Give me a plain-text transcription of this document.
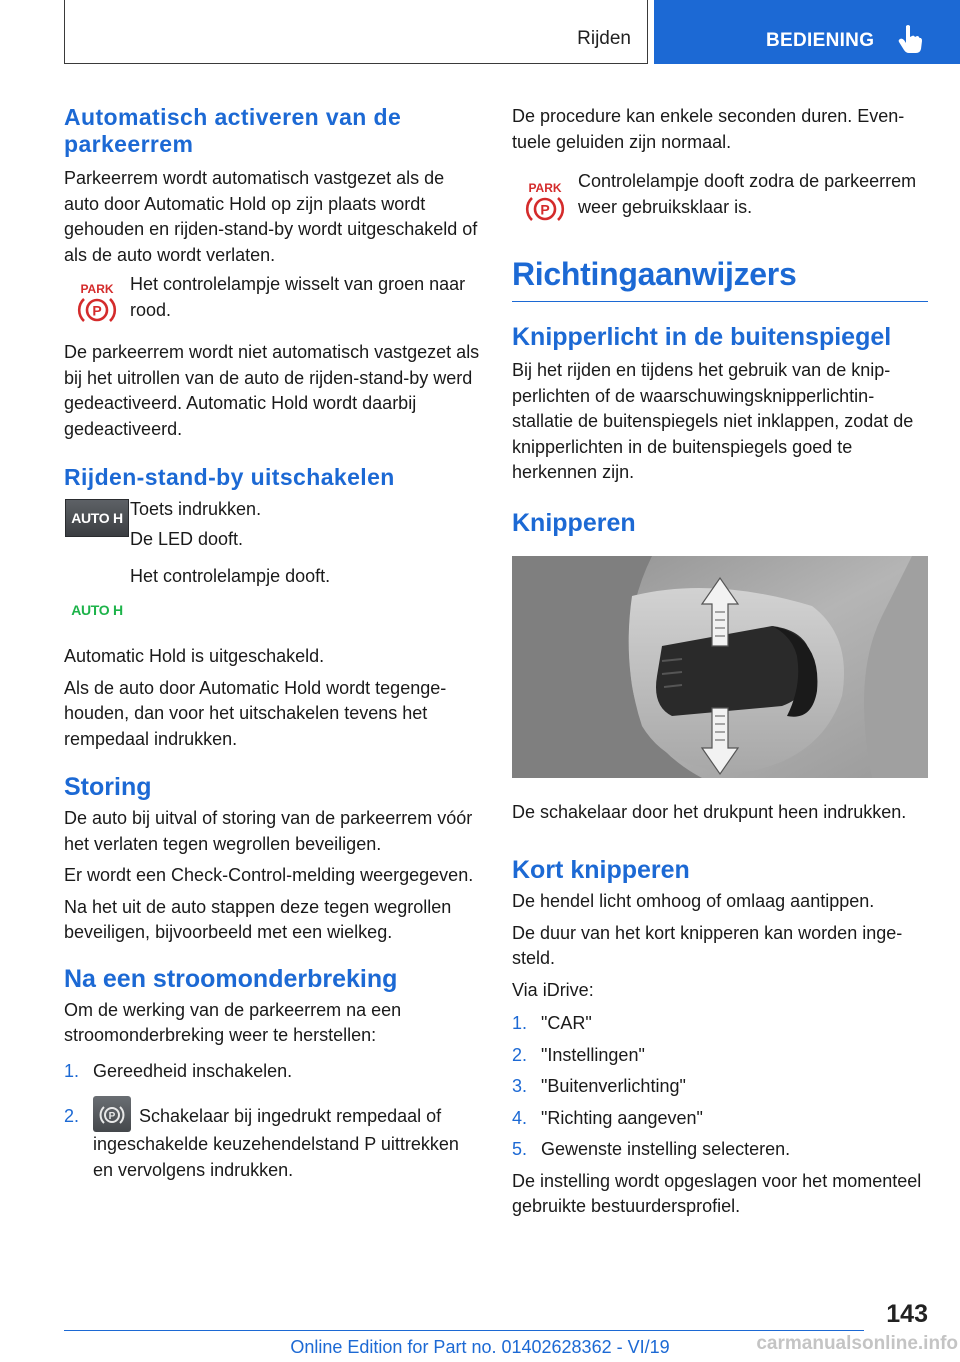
Rijden	BEDIENING
Automatisch activeren van de parkeerrem

Parkeerrem wordt automatisch vastgezet als de auto door Automatic Hold op zijn plaats wordt gehouden en rijden-stand-by wordt uitgeschakeld of als de auto wordt verlaten.

PARK
P

Het controlelampje wisselt van groen naar rood.

De parkeerrem wordt niet automatisch vastgezet als bij het uitrollen van de auto de rijden-stand-by werd gedeactiveerd. Automatic Hold wordt daarbij gedeactiveerd.

Rijden-stand-by uitschakelen
AUTO H Toets indrukken.

De LED dooft.

AUTO H

Het controlelampje dooft.

Automatic Hold is uitgeschakeld.

Als de auto door Automatic Hold wordt tegengehouden, dan voor het uitschakelen tevens het rempedaal indrukken.

Storing

De auto bij uitval of storing van de parkeerrem vóór het verlaten tegen wegrollen beveiligen.

Er wordt een Check-Control-melding weergegeven.

Na het uit de auto stappen deze tegen wegrollen beveiligen, bijvoorbeeld met een wielkeg.

Na een stroomonderbreking

Om de werking van de parkeerrem na een stroomonderbreking weer te herstellen:

1. Gereedheid inschakelen.
2.	P Schakelaar bij ingedrukt rempedaal of ingeschakelde keuzehendelstand P uittrekken en vervolgens indrukken.

De procedure kan enkele seconden duren. Eventuele geluiden zijn normaal.

PARK
P

Controlelampje dooft zodra de parkeerrem weer gebruiksklaar is.

Richtingaanwijzers
Knipperlicht in de buitenspiegel

Bij het rijden en tijdens het gebruik van de knipperlichten of de waarschuwingsknipperlichtinstallatie de buitenspiegels niet inklappen, zodat de knipperlichten in de buitenspiegels goed te herkennen zijn.

Knipperen

De schakelaar door het drukpunt heen indrukken.

Kort knipperen

De hendel licht omhoog of omlaag aantippen.

De duur van het kort knipperen kan worden ingesteld.

Via iDrive:

1. "CAR"
2. "Instellingen"
3. "Buitenverlichting"
4. "Richting aangeven"
5. Gewenste instelling selecteren.

De instelling wordt opgeslagen voor het momenteel gebruikte bestuurdersprofiel.

143
Online Edition for Part no. 01402628362 - VI/19	carmanualsonline.info
